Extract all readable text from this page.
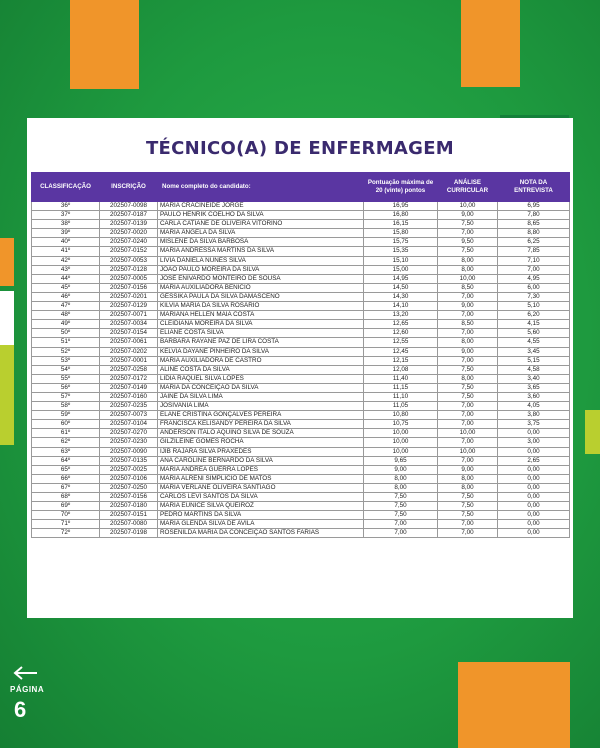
TÉCNICO(A) DE ENFERMAGEM
CLASSIFICAÇÃO	INSCRIÇÃO	Nome completo do candidato:	Pontuação máxima de 20 (vinte) pontos	ANÁLISE CURRICULAR	NOTA DA ENTREVISTA
36º	202507-0098	MARIA CRACINEIDE JORGE	16,95	10,00	6,95
37º	202507-0187	PAULO HENRIK COELHO DA SILVA	16,80	9,00	7,80
38º	202507-0139	CARLA CATIANE DE OLIVEIRA VITORINO	16,15	7,50	8,65
39º	202507-0020	MARIA ÂNGELA DA SILVA	15,80	7,00	8,80
40º	202507-0240	MISLENE DA SILVA BARBOSA	15,75	9,50	6,25
41º	202507-0152	MARIA ANDRESSA MARTINS DA SILVA	15,35	7,50	7,85
42º	202507-0053	LIVIA DANIELA NUNES SILVA	15,10	8,00	7,10
43º	202507-0128	JOÃO PAULO MOREIRA DA SILVA	15,00	8,00	7,00
44º	202507-0005	JOSÉ ENIVARDO MONTEIRO DE SOUSA	14,95	10,00	4,95
45º	202507-0156	MARIA AUXILIADORA BENICIO	14,50	8,50	6,00
46º	202507-0201	GÉSSIKA PAULA DA SILVA DAMASCENO	14,30	7,00	7,30
47º	202507-0129	KILVIA MARIA DA SILVA ROSÁRIO	14,10	9,00	5,10
48º	202507-0071	MARIANA HELLEN MAIA COSTA	13,20	7,00	6,20
49º	202507-0034	CLEIDIANA MOREIRA DA SILVA	12,65	8,50	4,15
50º	202507-0154	ELIANE COSTA SILVA	12,60	7,00	5,60
51º	202507-0061	BARBARA RAYANE PAZ DE LIRA COSTA	12,55	8,00	4,55
52º	202507-0202	KELVIA DAYANE PINHEIRO DA SILVA	12,45	9,00	3,45
53º	202507-0001	MARIA AUXILIADORA DE CASTRO	12,15	7,00	5,15
54º	202507-0258	ALINE COSTA DA SILVA	12,08	7,50	4,58
55º	202507-0172	LIDIA RAQUEL SILVA LOPES	11,40	8,00	3,40
56º	202507-0149	MARIA DA CONCEIÇÃO DA SILVA	11,15	7,50	3,65
57º	202507-0160	JAINE DA SILVA LIMA	11,10	7,50	3,60
58º	202507-0235	JOSIVANIA LIMA	11,05	7,00	4,05
59º	202507-0073	ELANE CRISTINA GONÇALVES PEREIRA	10,80	7,00	3,80
60º	202507-0104	FRANCISCA KELISANDY PEREIRA DA SILVA	10,75	7,00	3,75
61º	202507-0270	ANDERSON ITALO AQUINO SILVA DE SOUZA	10,00	10,00	0,00
62º	202507-0230	GILZILEINE GOMES ROCHA	10,00	7,00	3,00
63º	202507-0090	IJIB RAJARA SILVA PRAXEDES	10,00	10,00	0,00
64º	202507-0135	ANA CAROLINE BERNARDO DA SILVA	9,65	7,00	2,65
65º	202507-0025	MARIA ANDREA GUERRA LOPES	9,00	9,00	0,00
66º	202507-0106	MARIA ALRENI SIMPLICIO DE MATOS	8,00	8,00	0,00
67º	202507-0250	MARIA VERLANE OLIVEIRA SANTIAGO	8,00	8,00	0,00
68º	202507-0156	CARLOS LEVI SANTOS DA SILVA	7,50	7,50	0,00
69º	202507-0180	MARIA EUNICE SILVA QUEIROZ	7,50	7,50	0,00
70º	202507-0151	PEDRO MARTINS DA SILVA	7,50	7,50	0,00
71º	202507-0080	MARIA GLENDA SILVA DE AVILA	7,00	7,00	0,00
72º	202507-0198	ROSENILDA MARIA DA CONCEIÇÃO SANTOS FARIAS	7,00	7,00	0,00
PÁGINA
6
